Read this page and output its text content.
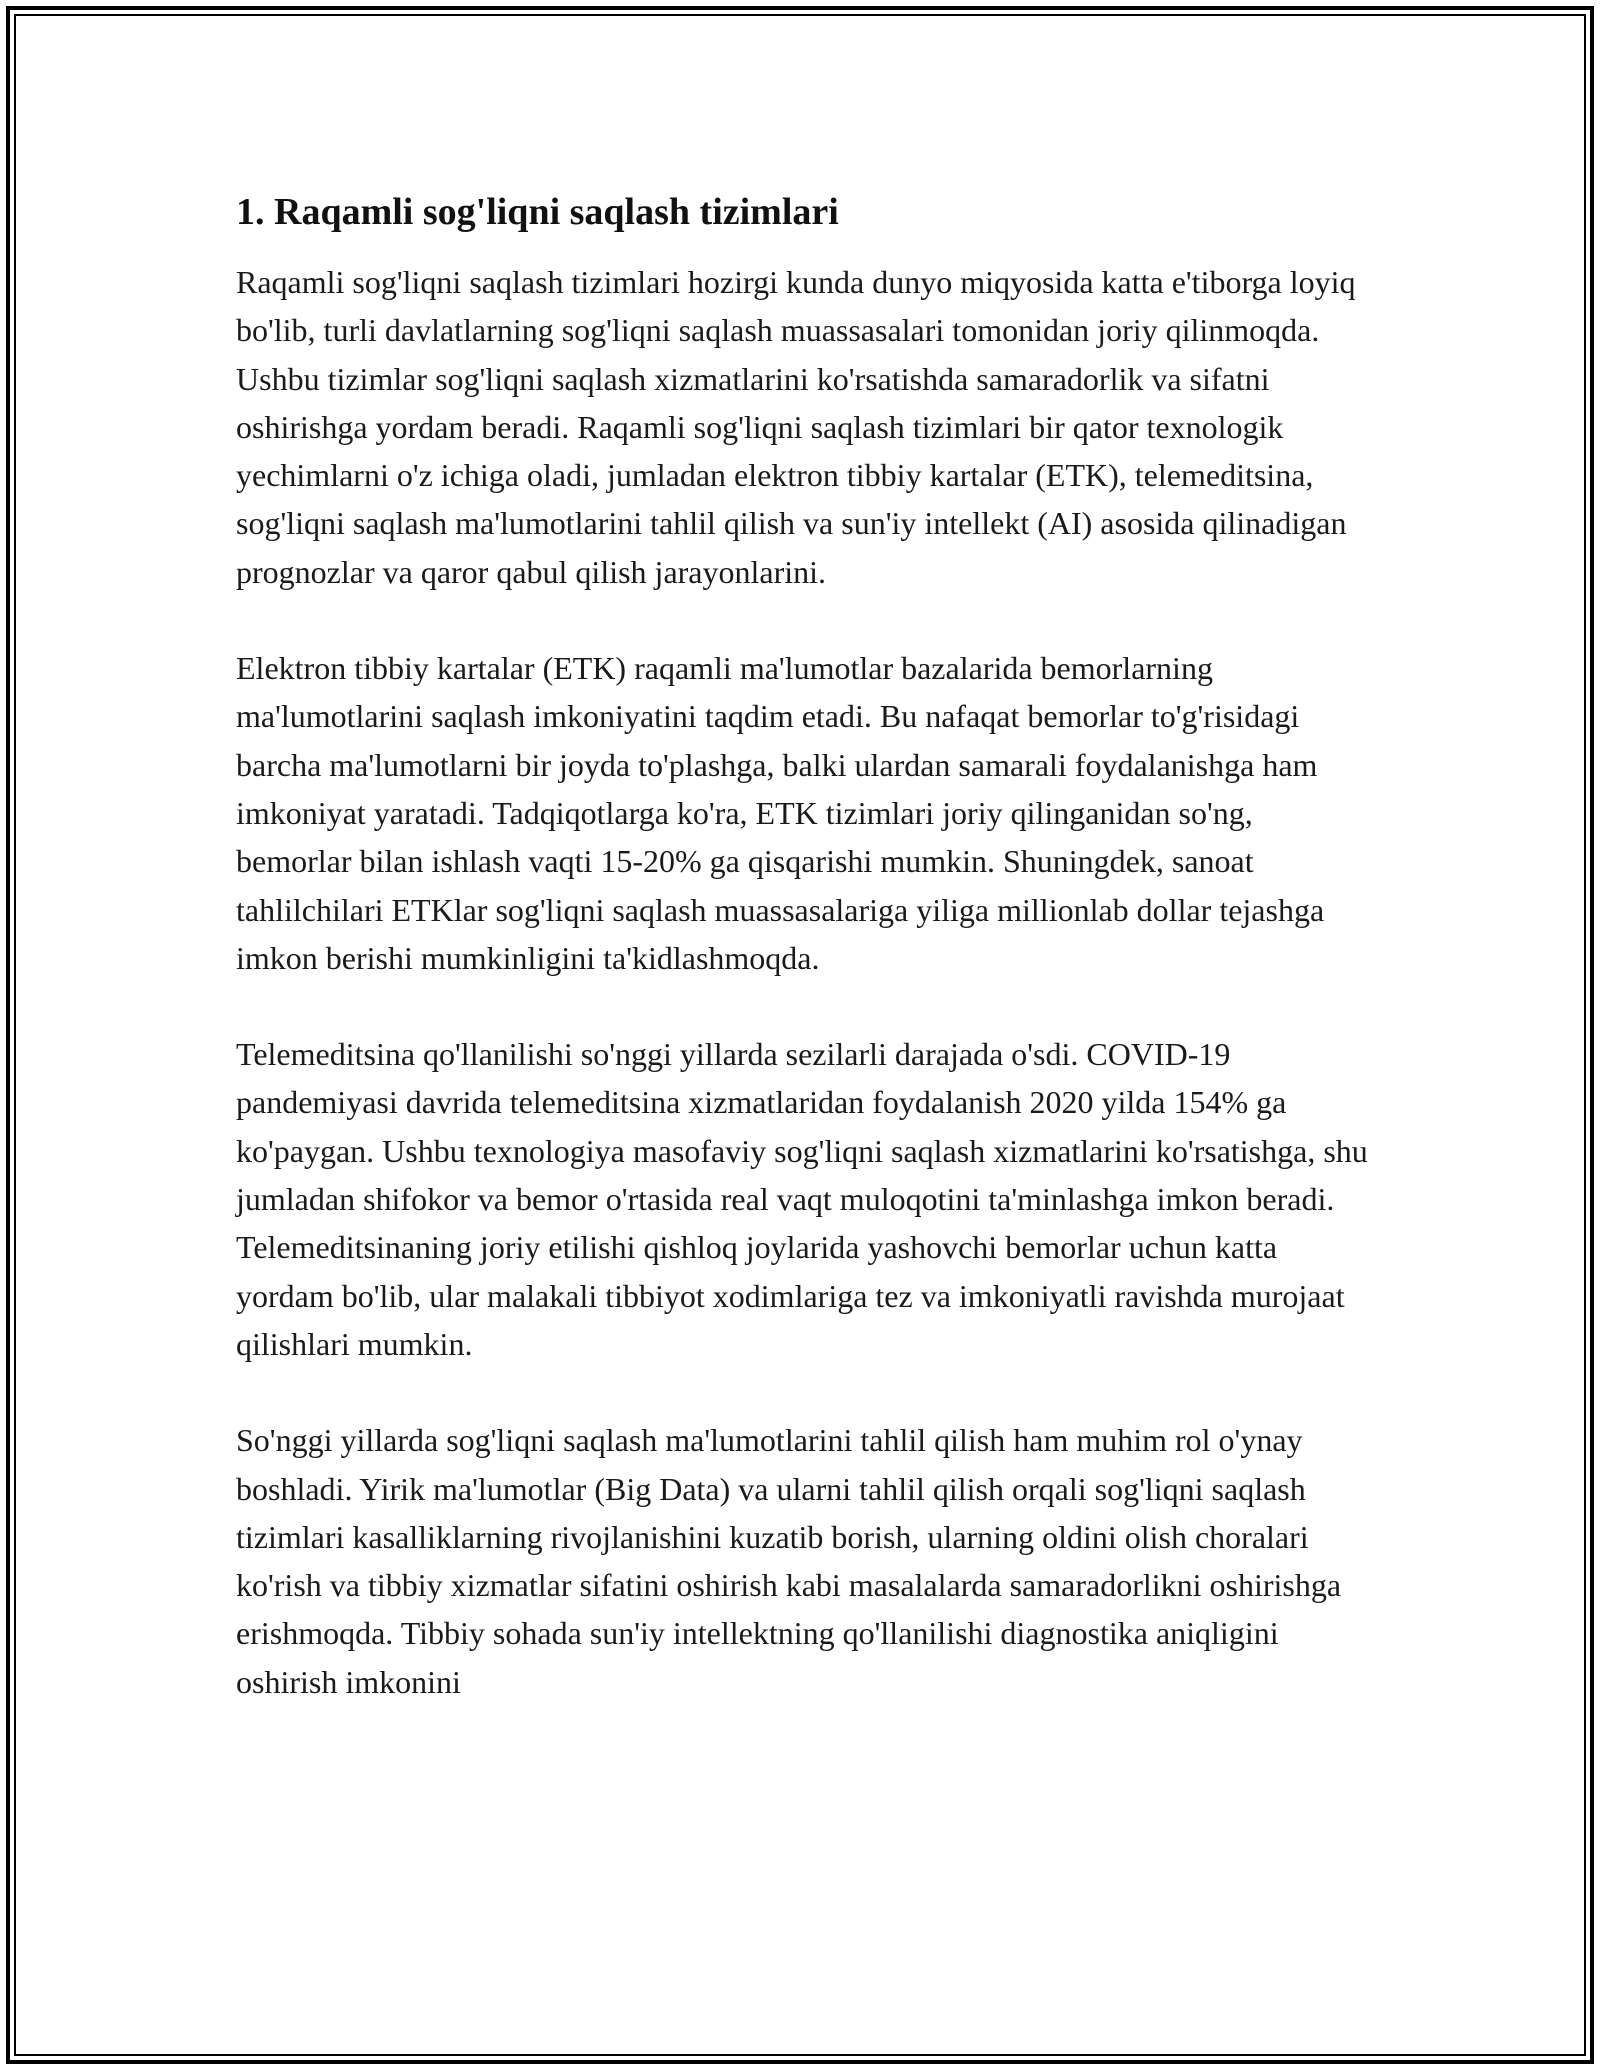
1. Raqamli sog'liqni saqlash tizimlari

Raqamli sog'liqni saqlash tizimlari hozirgi kunda dunyo miqyosida katta e'tiborga loyiq bo'lib, turli davlatlarning sog'liqni saqlash muassasalari tomonidan joriy qilinmoqda. Ushbu tizimlar sog'liqni saqlash xizmatlarini ko'rsatishda samaradorlik va sifatni oshirishga yordam beradi. Raqamli sog'liqni saqlash tizimlari bir qator texnologik yechimlarni o'z ichiga oladi, jumladan elektron tibbiy kartalar (ETK), telemeditsina, sog'liqni saqlash ma'lumotlarini tahlil qilish va sun'iy intellekt (AI) asosida qilinadigan prognozlar va qaror qabul qilish jarayonlarini.

Elektron tibbiy kartalar (ETK) raqamli ma'lumotlar bazalarida bemorlarning ma'lumotlarini saqlash imkoniyatini taqdim etadi. Bu nafaqat bemorlar to'g'risidagi barcha ma'lumotlarni bir joyda to'plashga, balki ulardan samarali foydalanishga ham imkoniyat yaratadi. Tadqiqotlarga ko'ra, ETK tizimlari joriy qilinganidan so'ng, bemorlar bilan ishlash vaqti 15-20% ga qisqarishi mumkin. Shuningdek, sanoat tahlilchilari ETKlar sog'liqni saqlash muassasalariga yiliga millionlab dollar tejashga imkon berishi mumkinligini ta'kidlashmoqda.

Telemeditsina qo'llanilishi so'nggi yillarda sezilarli darajada o'sdi. COVID-19 pandemiyasi davrida telemeditsina xizmatlaridan foydalanish 2020 yilda 154% ga ko'paygan. Ushbu texnologiya masofaviy sog'liqni saqlash xizmatlarini ko'rsatishga, shu jumladan shifokor va bemor o'rtasida real vaqt muloqotini ta'minlashga imkon beradi. Telemeditsinaning joriy etilishi qishloq joylarida yashovchi bemorlar uchun katta yordam bo'lib, ular malakali tibbiyot xodimlariga tez va imkoniyatli ravishda murojaat qilishlari mumkin.

So'nggi yillarda sog'liqni saqlash ma'lumotlarini tahlil qilish ham muhim rol o'ynay boshladi. Yirik ma'lumotlar (Big Data) va ularni tahlil qilish orqali sog'liqni saqlash tizimlari kasalliklarning rivojlanishini kuzatib borish, ularning oldini olish choralari ko'rish va tibbiy xizmatlar sifatini oshirish kabi masalalarda samaradorlikni oshirishga erishmoqda. Tibbiy sohada sun'iy intellektning qo'llanilishi diagnostika aniqligini oshirish imkonini
